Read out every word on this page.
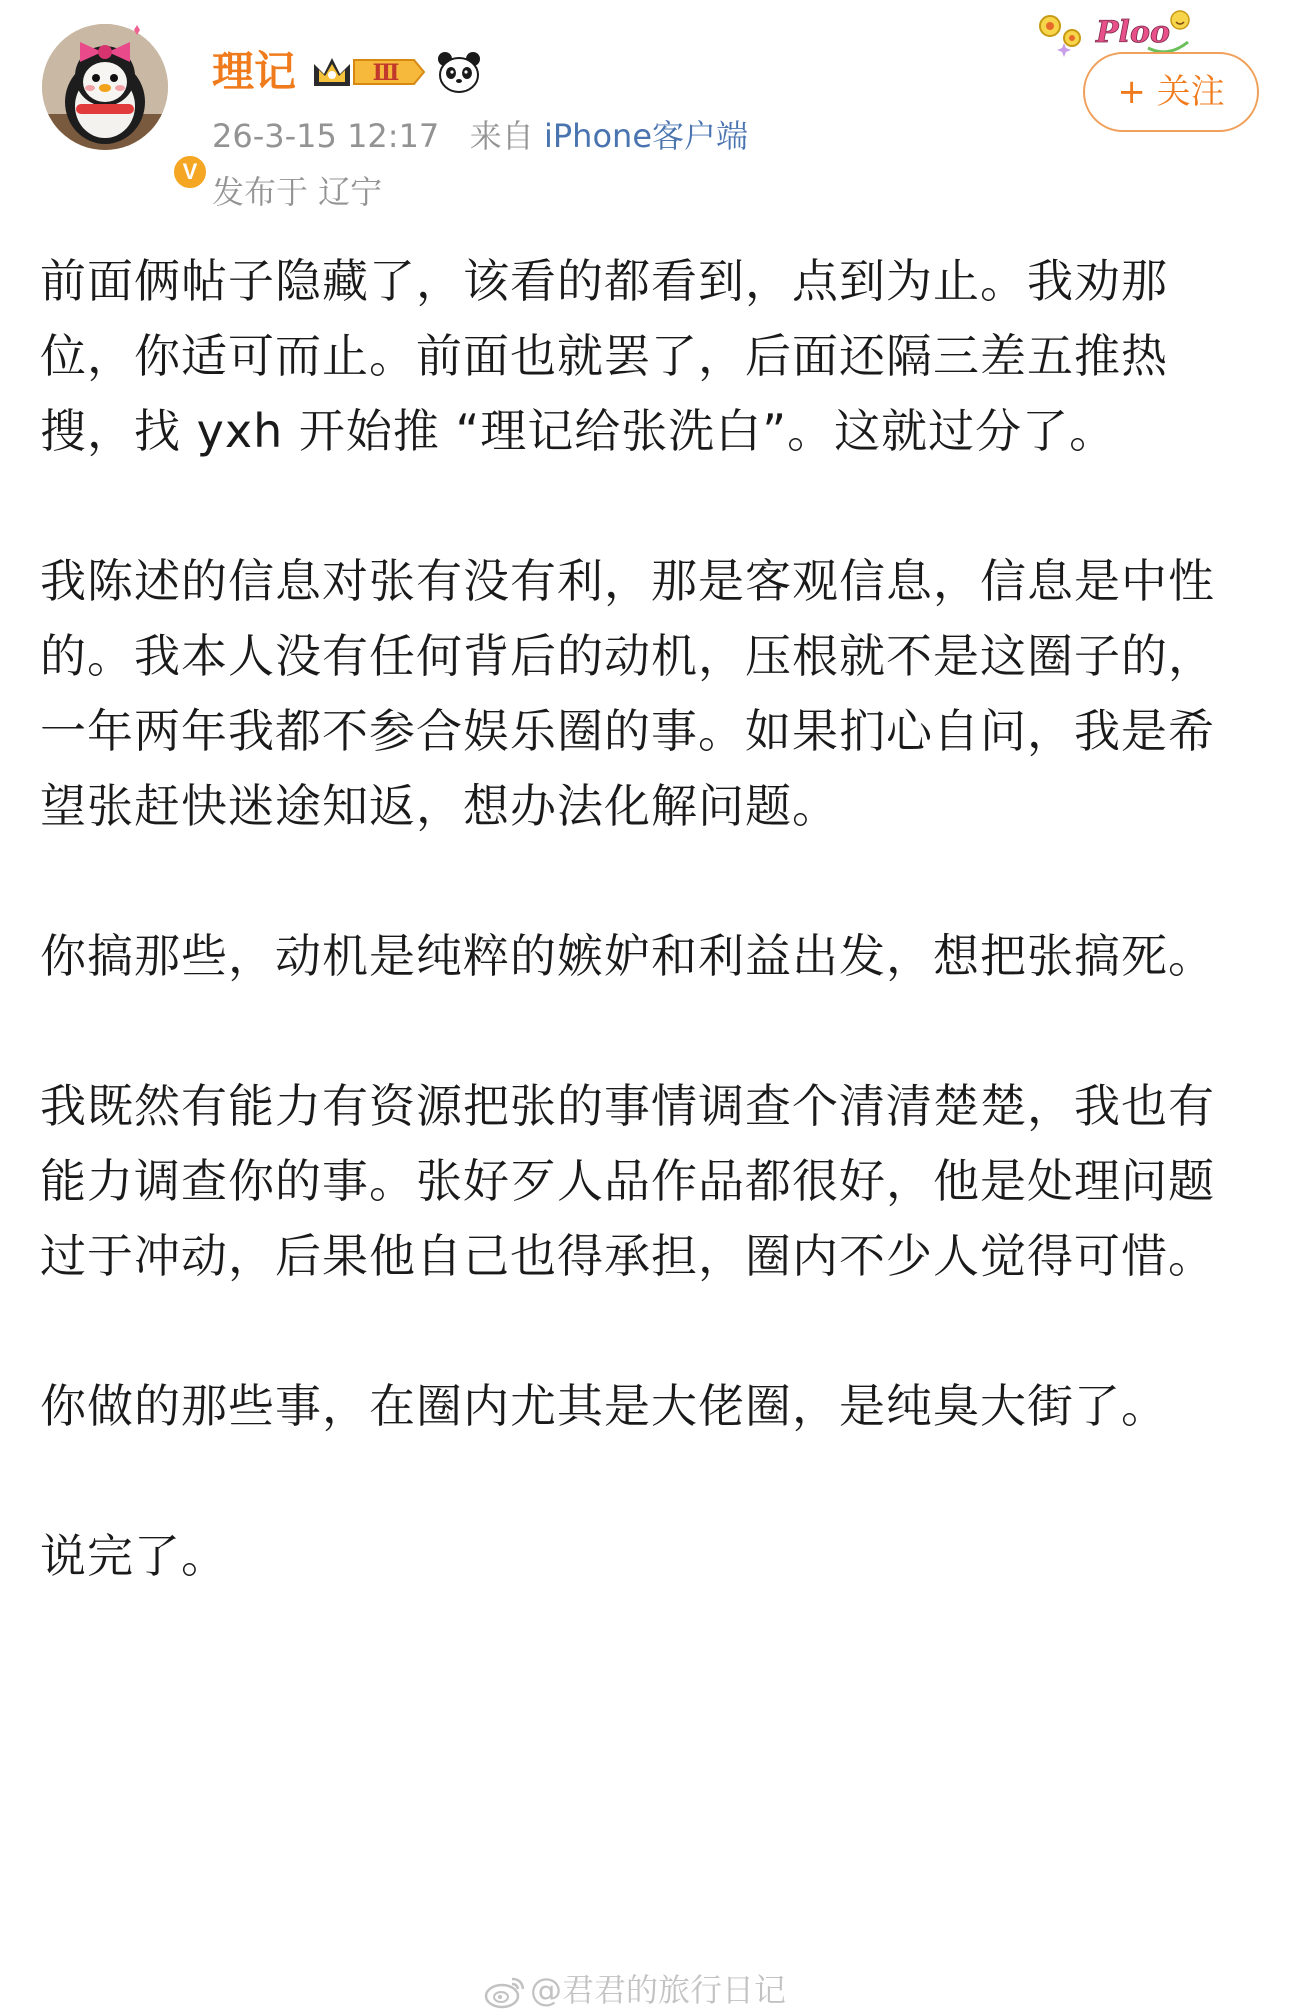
V
理记	Ⅲ
26-3-15 12:17 来自 iPhone客户端
发布于 辽宁
Ploo
+ 关注

前面俩帖子隐藏了，该看的都看到，点到为止。我劝那位，你适可而止。前面也就罢了，后面还隔三差五推热搜，找 yxh 开始推 “理记给张洗白”。这就过分了。

我陈述的信息对张有没有利，那是客观信息，信息是中性的。我本人没有任何背后的动机，压根就不是这圈子的，一年两年我都不参合娱乐圈的事。如果扪心自问，我是希望张赶快迷途知返，想办法化解问题。

你搞那些，动机是纯粹的嫉妒和利益出发，想把张搞死。

我既然有能力有资源把张的事情调查个清清楚楚，我也有能力调查你的事。张好歹人品作品都很好，他是处理问题过于冲动，后果他自己也得承担，圈内不少人觉得可惜。

你做的那些事，在圈内尤其是大佬圈，是纯臭大街了。

说完了。

@君君的旅行日记
